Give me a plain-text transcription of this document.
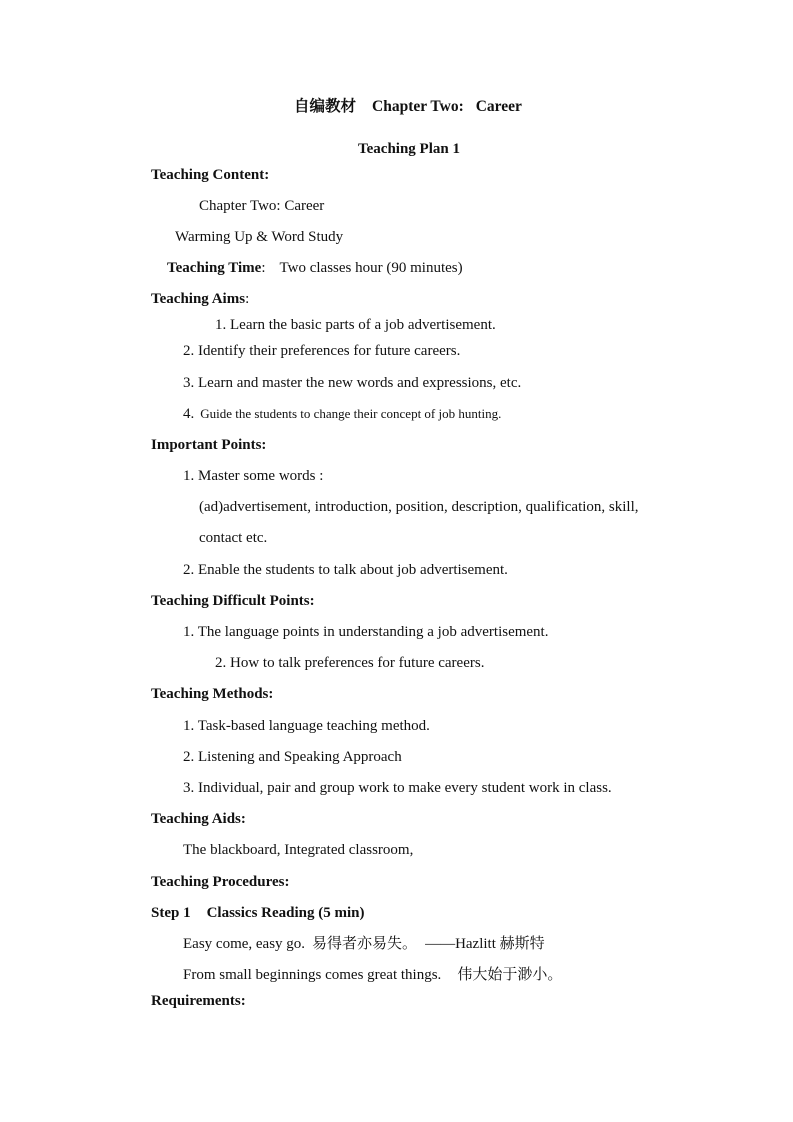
自编教材 Chapter Two: Career
Teaching Plan 1
Teaching Content:
Chapter Two: Career
Warming Up & Word Study
Teaching Time: Two classes hour (90 minutes)
Teaching Aims:
1. Learn the basic parts of a job advertisement.
2. Identify their preferences for future careers.
3. Learn and master the new words and expressions, etc.
4. Guide the students to change their concept of job hunting.
Important Points:
1. Master some words :
(ad)advertisement, introduction, position, description, qualification, skill,
contact etc.
2. Enable the students to talk about job advertisement.
Teaching Difficult Points:
1. The language points in understanding a job advertisement.
2. How to talk preferences for future careers.
Teaching Methods:
1. Task-based language teaching method.
2. Listening and Speaking Approach
3. Individual, pair and group work to make every student work in class.
Teaching Aids:
The blackboard, Integrated classroom,
Teaching Procedures:
Step 1 Classics Reading (5 min)
Easy come, easy go. 易得者亦易失。 ——Hazlitt 赫斯特
From small beginnings comes great things. 伟大始于渺小。
Requirements:
